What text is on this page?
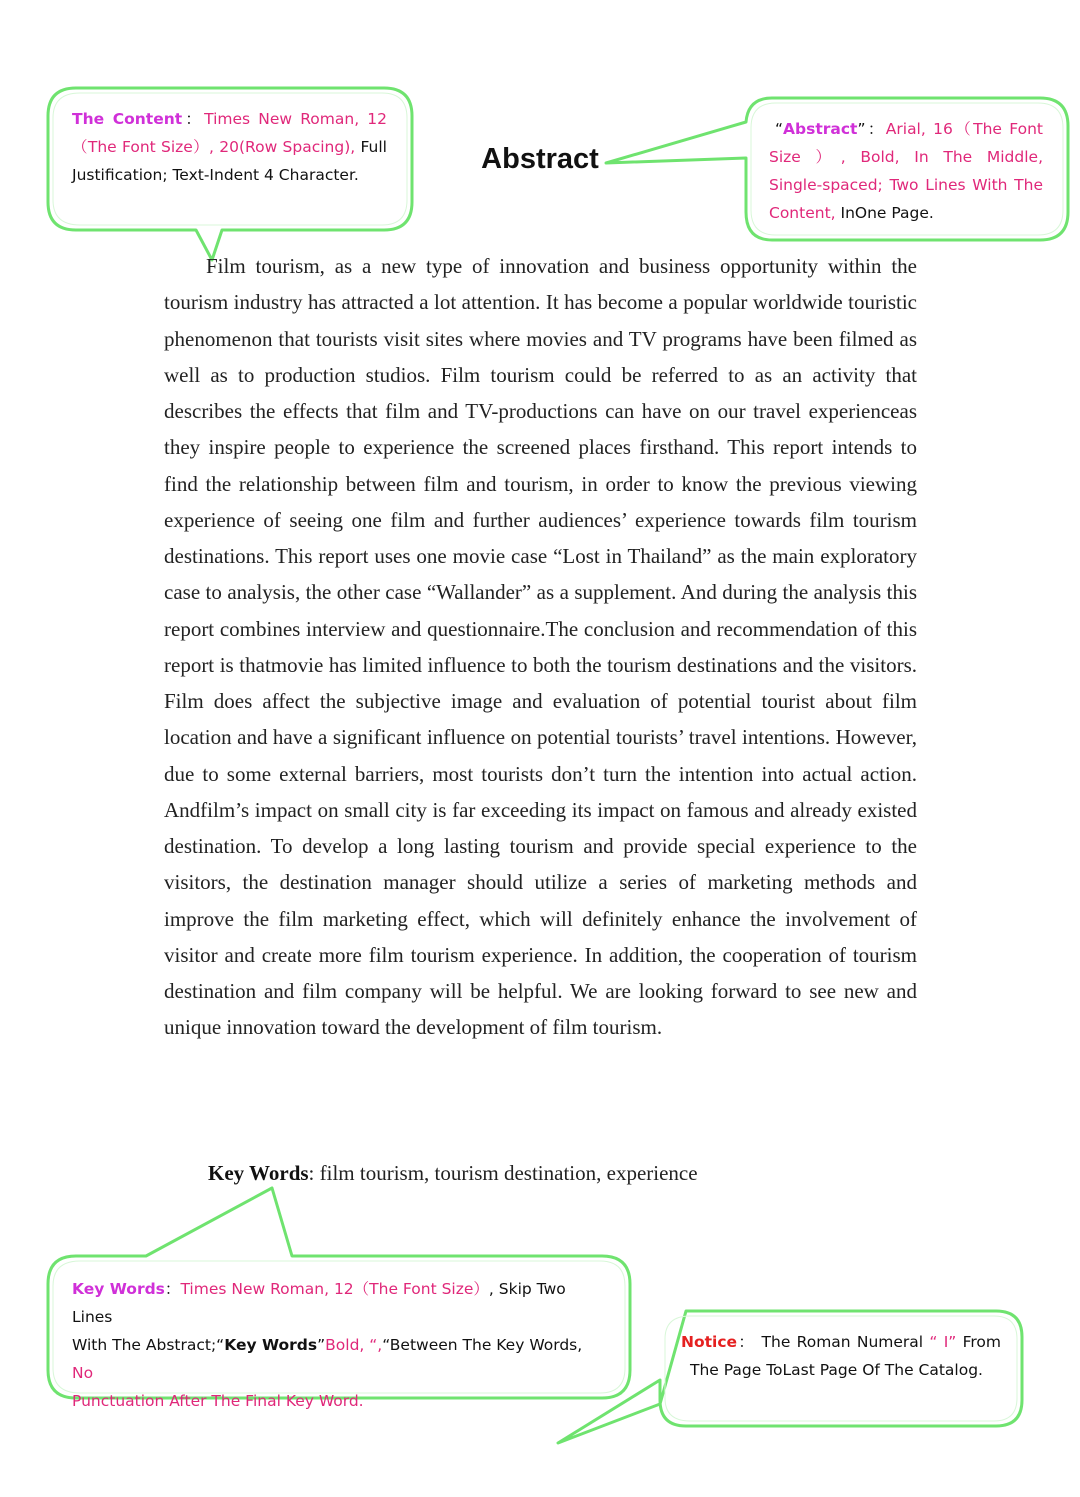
The Content：Times New Roman, 12
（The Font Size）, 20(Row Spacing), Full
Justification; Text-Indent 4 Character.
“Abstract”：Arial, 16（The Font
Size ）, Bold, In The Middle,
Single-spaced; Two Lines With The
Content, InOne Page.
Abstract

Film tourism, as a new type of innovation and business opportunity within the tourism industry has attracted a lot attention. It has become a popular worldwide touristic phenomenon that tourists visit sites where movies and TV programs have been filmed as well as to production studios. Film tourism could be referred to as an activity that describes the effects that film and TV-productions can have on our travel experienceas they inspire people to experience the screened places firsthand. This report intends to find the relationship between film and tourism, in order to know the previous viewing experience of seeing one film and further audiences’ experience towards film tourism destinations. This report uses one movie case “Lost in Thailand” as the main exploratory case to analysis, the other case “Wallander” as a supplement. And during the analysis this report combines interview and questionnaire.The conclusion and recommendation of this report is thatmovie has limited influence to both the tourism destinations and the visitors. Film does affect the subjective image and evaluation of potential tourist about film location and have a significant influence on potential tourists’ travel intentions. However, due to some external barriers, most tourists don’t turn the intention into actual action. Andfilm’s impact on small city is far exceeding its impact on famous and already existed destination. To develop a long lasting tourism and provide special experience to the visitors, the destination manager should utilize a series of marketing methods and improve the film marketing effect, which will definitely enhance the involvement of visitor and create more film tourism experience. In addition, the cooperation of tourism destination and film company will be helpful. We are looking forward to see new and unique innovation toward the development of film tourism.

Key Words: film tourism, tourism destination, experience
Key Words：Times New Roman, 12（The Font Size）, Skip Two Lines
With The Abstract;“Key Words”Bold, “,“Between The Key Words, No
Punctuation After The Final Key Word.
Notice： The Roman Numeral “ I” From
The Page ToLast Page Of The Catalog.
